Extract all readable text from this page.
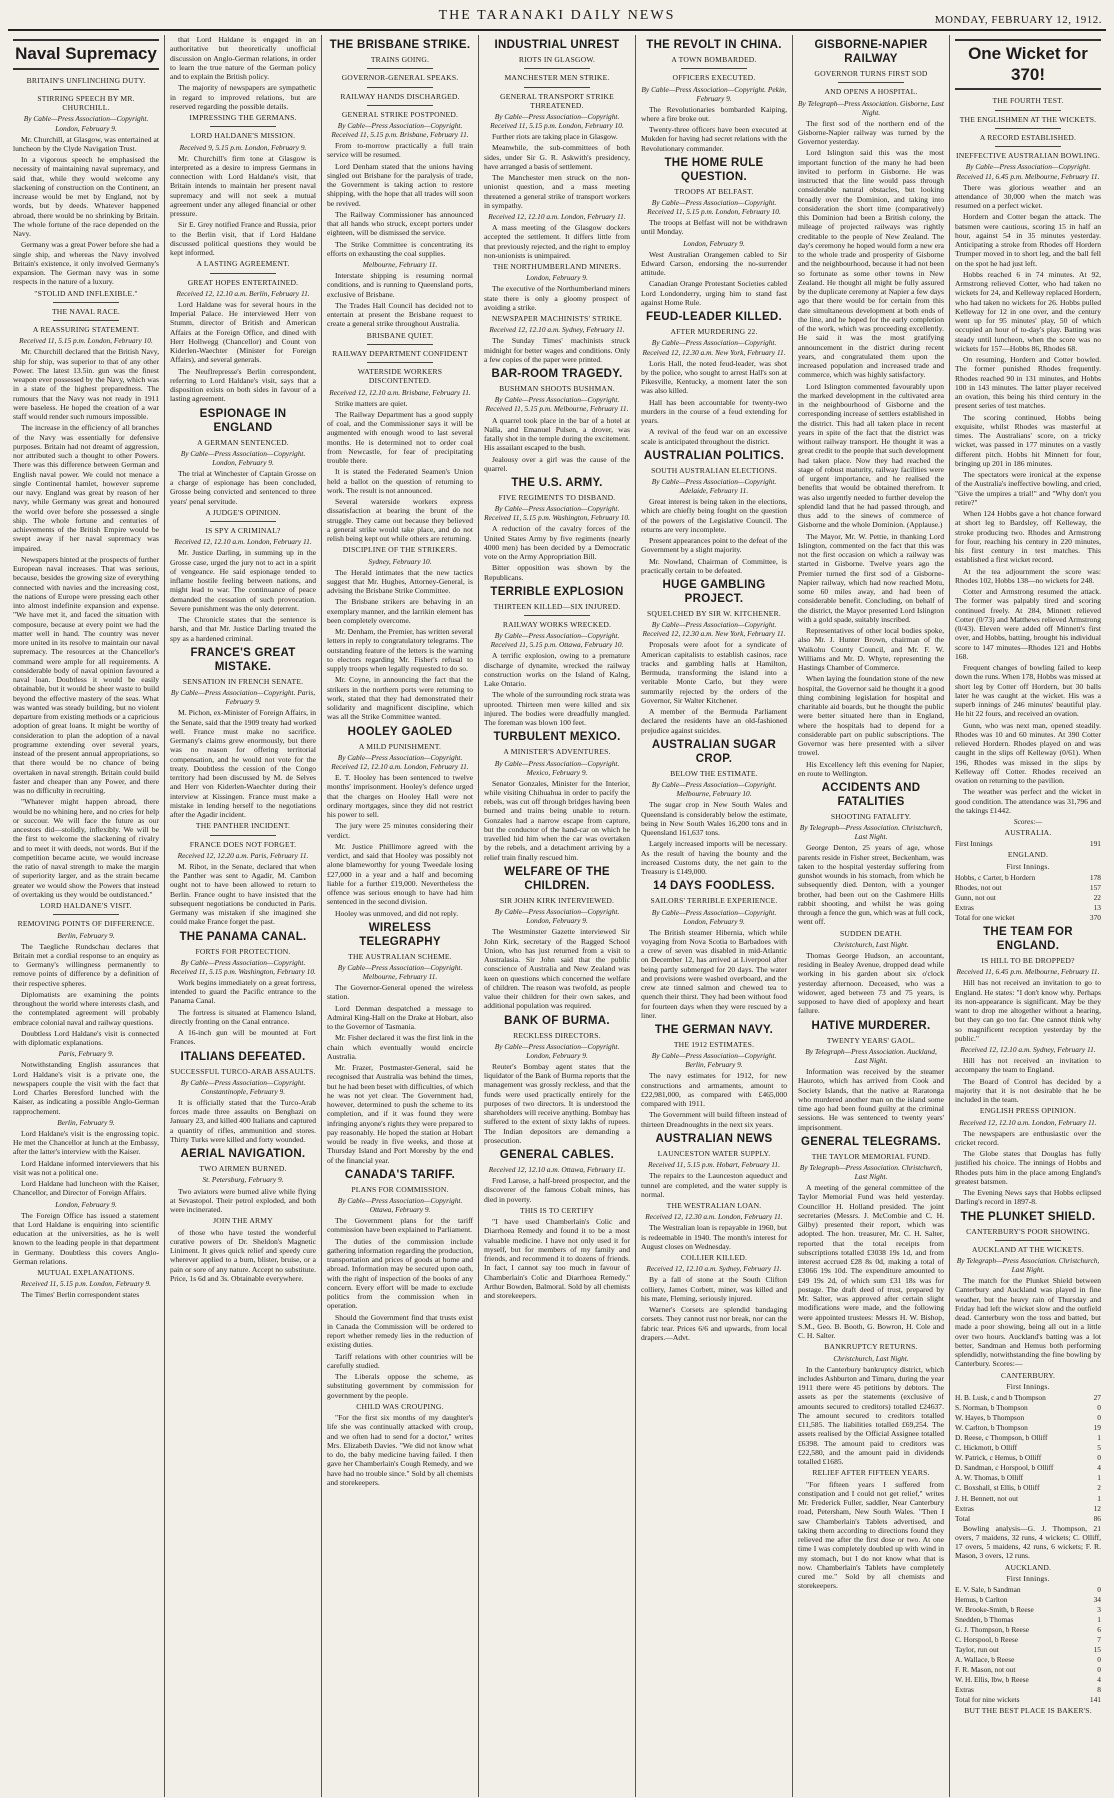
THE TARANAKI DAILY NEWS	MONDAY, FEBRUARY 12, 1912.
Naval Supremacy
BRITAIN'S UNFLINCHING DUTY.
STIRRING SPEECH BY MR. CHURCHILL.
By Cable—Press Association—Copyright. London, February 9.

Mr. Churchill, at Glasgow, was entertained at luncheon by the Clyde Navigation Trust.

In a vigorous speech he emphasised the necessity of maintaining naval supremacy, and said that, while they would welcome any slackening of construction on the Continent, an increase would be met by England, not by words, but by deeds. Whatever happened abroad, there would be no shrinking by Britain. The whole fortune of the race depended on the Navy.

Germany was a great Power before she had a single ship, and whereas the Navy involved Britain's existence, it only involved Germany's expansion. The German navy was in some respects in the nature of a luxury.

"STOLID AND INFLEXIBLE."
THE NAVAL RACE.
A REASSURING STATEMENT.
Received 11, 5.15 p.m. London, February 10.

Mr. Churchill declared that the British Navy, ship for ship, was superior to that of any other Power. The latest 13.5in. gun was the finest weapon ever possessed by the Navy, which was in a state of the highest preparedness. The rumours that the Navy was not ready in 1911 were baseless. He hoped the creation of a war staff would render such rumours impossible.

The increase in the efficiency of all branches of the Navy was essentially for defensive purposes. Britain had not dreamt of aggression, nor attributed such a thought to other Powers. There was this difference between German and English naval power. We could not menace a single Continental hamlet, however supreme our navy. England was great by reason of her navy, while Germany was great and honoured the world over before she possessed a single ship. The whole fortune and centuries of achievements of the British Empire would be swept away if her naval supremacy was impaired.

Newspapers hinted at the prospects of further European naval increases. That was serious, because, besides the growing size of everything connected with navies and the increasing cost, the nations of Europe were pressing each other into almost indefinite expansion and expense. "We have met it, and faced the situation with composure, because at every point we had the matter well in hand. The country was never more united in its resolve to maintain our naval supremacy. The resources at the Chancellor's command were ample for all requirements. A considerable body of naval opinion favoured a naval loan. Doubtless it would be easily obtainable, but it would be sheer waste to build beyond the effective mastery of the seas. What was wanted was steady building, but no violent departure from existing methods or a capricious adoption of great loans. It might be worthy of consideration to plan the adoption of a naval programme extending over several years, instead of the present annual appropriations, so that there would be no chance of being overtaken in naval strength. Britain could build faster and cheaper than any Power, and there was no difficulty in recruiting.

"Whatever might happen abroad, there would be no whining here, and no cries for help or succour. We will face the future as our ancestors did—stolidly, inflexibly. We will be the first to welcome the slackening of rivalry and to meet it with deeds, not words. But if the competition became acute, we would increase the ratio of naval strength to make the margin of superiority larger, and as the strain became greater we would show the Powers that instead of overtaking us they would be outdistanced."

LORD HALDANE'S VISIT.
REMOVING POINTS OF DIFFERENCE.
Berlin, February 9.

The Taegliche Rundschau declares that Britain met a cordial response to an enquiry as to Germany's willingness permanently to remove points of difference by a definition of their respective spheres.

Diplomatists are examining the points throughout the world where interests clash, and the contemplated agreement will probably embrace colonial naval and railway questions.

Doubtless Lord Haldane's visit is connected with diplomatic explanations.

Paris, February 9.

Notwithstanding English assurances that Lord Haldane's visit is a private one, the newspapers couple the visit with the fact that Lord Charles Beresford lunched with the Kaiser, as indicating a possible Anglo-German rapprochement.

Berlin, February 9.

Lord Haldane's visit is the engrossing topic. He met the Chancellor at lunch at the Embassy, after the latter's interview with the Kaiser.

Lord Haldane informed interviewers that his visit was not a political one.

Lord Haldane had luncheon with the Kaiser, Chancellor, and Director of Foreign Affairs.

London, February 9.

The Foreign Office has issued a statement that Lord Haldane is enquiring into scientific education at the universities, as he is well known to the leading people in that department in Germany. Doubtless this covers Anglo-German relations.

MUTUAL EXPLANATIONS.
Received 11, 5.15 p.m. London, February 9.

The Times' Berlin correspondent states

that Lord Haldane is engaged in an authoritative but theoretically unofficial discussion on Anglo-German relations, in order to learn the true nature of the German policy and to explain the British policy.

The majority of newspapers are sympathetic in regard to improved relations, but are reserved regarding the possible details.

IMPRESSING THE GERMANS.
LORD HALDANE'S MISSION.
Received 9, 5.15 p.m. London, February 9.

Mr. Churchill's firm tone at Glasgow is interpreted as a desire to impress Germans in connection with Lord Haldane's visit, that Britain intends to maintain her present naval supremacy and will not seek a mutual agreement under any alleged financial or other pressure.

Sir E. Grey notified France and Russia, prior to the Berlin visit, that if Lord Haldane discussed political questions they would be kept informed.

A LASTING AGREEMENT.
GREAT HOPES ENTERTAINED.
Received 12, 12.10 a.m. Berlin, February 11.

Lord Haldane was for several hours in the Imperial Palace. He interviewed Herr von Stumm, director of British and American Affairs at the Foreign Office, and dined with Herr Hollwegg (Chancellor) and Count von Kiderlen-Waechter (Minister for Foreign Affairs), and several generals.

The Neuflrepresse's Berlin correspondent, referring to Lord Haldane's visit, says that a disposition exists on both sides in favour of a lasting agreement.

ESPIONAGE IN ENGLAND
A GERMAN SENTENCED.
By Cable—Press Association—Copyright. London, February 9.

The trial at Winchester of Captain Grosse on a charge of espionage has been concluded, Grosse being convicted and sentenced to three years' penal servitude.

A JUDGE'S OPINION.
IS SPY A CRIMINAL?
Received 12, 12.10 a.m. London, February 11.

Mr. Justice Darling, in summing up in the Grosse case, urged the jury not to act in a spirit of vengeance. He said espionage tended to inflame hostile feeling between nations, and might lead to war. The continuance of peace demanded the cessation of such provocation. Severe punishment was the only deterrent.

The Chronicle states that the sentence is harsh, and that Mr. Justice Darling treated the spy as a hardened criminal.

FRANCE'S GREAT MISTAKE.
SENSATION IN FRENCH SENATE.
By Cable—Press Association—Copyright. Paris, February 9.

M. Pichon, ex-Minister of Foreign Affairs, in the Senate, said that the 1909 treaty had worked well. France must make no sacrifice. Germany's claims grew enormously, but there was no reason for offering territorial compensation, and he would not vote for the treaty. Doubtless the cession of the Congo territory had been discussed by M. de Selves and Herr von Kiderlen-Waechter during their interview at Kissingen. France must make a mistake in lending herself to the negotiations after the Agadir incident.

THE PANTHER INCIDENT.
FRANCE DOES NOT FORGET.
Received 12, 12.20 a.m. Paris, February 11.

M. Ribot, in the Senate, declared that when the Panther was sent to Agadir, M. Cambon ought not to have been allowed to return to Berlin. France ought to have insisted that the subsequent negotiations be conducted in Paris. Germany was mistaken if she imagined she could make France forget the past.

THE PANAMA CANAL.
FORTS FOR PROTECTION.
By Cable—Press Association—Copyright. Received 11, 5.15 p.m. Washington, February 10.

Work begins immediately on a great fortress, intended to guard the Pacific entrance to the Panama Canal.

The fortress is situated at Flamenco Island, directly fronting on the Canal entrance.

A 16-inch gun will be mounted at Fort Frances.

ITALIANS DEFEATED.
SUCCESSFUL TURCO-ARAB ASSAULTS.
By Cable—Press Association—Copyright. Constantinople, February 9.

It is officially stated that the Turco-Arab forces made three assaults on Benghazi on January 23, and killed 400 Italians and captured a quantity of rifles, ammunition and stores. Thirty Turks were killed and forty wounded.

AERIAL NAVIGATION.
TWO AIRMEN BURNED.
St. Petersburg, February 9.

Two aviators were burned alive while flying at Sevastopol. Their petrol exploded, and both were incinerated.

JOIN THE ARMY

of those who have tested the wonderful curative powers of Dr. Sheldon's Magnetic Liniment. It gives quick relief and speedy cure wherever applied to a burn, blister, bruise, or a pain or sore of any nature. Accept no substitute. Price, 1s 6d and 3s. Obtainable everywhere.

THE BRISBANE STRIKE.
TRAINS GOING.
GOVERNOR-GENERAL SPEAKS.
RAILWAY HANDS DISCHARGED.
GENERAL STRIKE POSTPONED.
By Cable—Press Association—Copyright. Received 11, 5.15 p.m. Brisbane, February 11.

From to-morrow practically a full train service will be resumed.

Lord Denham stated that the unions having singled out Brisbane for the paralysis of trade, the Government is taking action to restore shipping, with the hope that all trades will soon be revived.

The Railway Commissioner has announced that all hands who struck, except porters under eighteen, will be dismissed the service.

The Strike Committee is concentrating its efforts on exhausting the coal supplies.

Melbourne, February 11.

Interstate shipping is resuming normal conditions, and is running to Queensland ports, exclusive of Brisbane.

The Trades Hall Council has decided not to entertain at present the Brisbane request to create a general strike throughout Australia.

BRISBANE QUIET.
RAILWAY DEPARTMENT CONFIDENT
WATERSIDE WORKERS DISCONTENTED.
Received 12, 12.10 a.m. Brisbane, February 11.

Strike matters are quiet.

The Railway Department has a good supply of coal, and the Commissioner says it will be augmented with enough wood to last several months. He is determined not to order coal from Newcastle, for fear of precipitating trouble there.

It is stated the Federated Seamen's Union held a ballot on the question of returning to work. The result is not announced.

Several waterside workers express dissatisfaction at bearing the brunt of the struggle. They came out because they believed a general strike would take place, and do not relish being kept out while others are returning.

DISCIPLINE OF THE STRIKERS.
Sydney, February 10.

The Herald intimates that the new tactics suggest that Mr. Hughes, Attorney-General, is advising the Brisbane Strike Committee.

The Brisbane strikers are behaving in an exemplary manner, and the larrikin element has been completely overcome.

Mr. Denham, the Premier, has written several letters in reply to congratulatory telegrams. The outstanding feature of the letters is the warning to electors regarding Mr. Fisher's refusal to supply troops when legally requested to do so.

Mr. Coyne, in announcing the fact that the strikers in the northern ports were returning to work, stated that they had demonstrated their solidarity and magnificent discipline, which was all the Strike Committee wanted.

HOOLEY GAOLED
A MILD PUNISHMENT.
By Cable—Press Association—Copyright. Received 12, 12.10 a.m. London, February 11.

E. T. Hooley has been sentenced to twelve months' imprisonment. Hooley's defence urged that the charges on Hooley Hall were not ordinary mortgages, since they did not restrict his power to sell.

The jury were 25 minutes considering their verdict.

Mr. Justice Phillimore agreed with the verdict, and said that Hooley was possibly not alone blameworthy for young Tweedale losing £27,000 in a year and a half and becoming liable for a further £19,000. Nevertheless the offence was serious enough to have had him sentenced in the second division.

Hooley was unmoved, and did not reply.

WIRELESS TELEGRAPHY
THE AUSTRALIAN SCHEME.
By Cable—Press Association—Copyright. Melbourne, February 11.

The Governor-General opened the wireless station.

Lord Denman despatched a message to Admiral King-Hall on the Drake at Hobart, also to the Governor of Tasmania.

Mr. Fisher declared it was the first link in the chain which eventually would encircle Australia.

Mr. Frazer, Postmaster-General, said he recognised that Australia was behind the times, but he had been beset with difficulties, of which he was not yet clear. The Government had, however, determined to push the scheme to its completion, and if it was found they were infringing anyone's rights they were prepared to pay reasonably. He hoped the station at Hobart would be ready in five weeks, and those at Thursday Island and Port Moresby by the end of the financial year.

CANADA'S TARIFF.
PLANS FOR COMMISSION.
By Cable—Press Association—Copyright. Ottawa, February 9.

The Government plans for the tariff commission have been explained to Parliament.

The duties of the commission include gathering information regarding the production, transportation and prices of goods at home and abroad. Information may be secured upon oath, with the right of inspection of the books of any concern. Every effort will be made to exclude politics from the commission when in operation.

Should the Government find that trusts exist in Canada the Commission will be ordered to report whether remedy lies in the reduction of existing duties.

Tariff relations with other countries will be carefully studied.

The Liberals oppose the scheme, as substituting government by commission for government by the people.

CHILD WAS CROUPING.

"For the first six months of my daughter's life she was continually attacked with croup, and we often had to send for a doctor," writes Mrs. Elizabeth Davies. "We did not know what to do, the baby medicine having failed. I then gave her Chamberlain's Cough Remedy, and we have had no trouble since." Sold by all chemists and storekeepers.

INDUSTRIAL UNREST
RIOTS IN GLASGOW.
MANCHESTER MEN STRIKE.
GENERAL TRANSPORT STRIKE THREATENED.
By Cable—Press Association—Copyright. Received 11, 5.15 p.m. London, February 10.

Further riots are taking place in Glasgow.

Meanwhile, the sub-committees of both sides, under Sir G. R. Askwith's presidency, have arranged a basis of settlement.

The Manchester men struck on the non-unionist question, and a mass meeting threatened a general strike of transport workers in sympathy.

Received 12, 12.10 a.m. London, February 11.

A mass meeting of the Glasgow dockers accepted the settlement. It differs little from that previously rejected, and the right to employ non-unionists is unimpaired.

THE NORTHUMBERLAND MINERS.
London, February 9.

The executive of the Northumberland miners state there is only a gloomy prospect of avoiding a strike.

NEWSPAPER MACHINISTS' STRIKE.
Received 12, 12.10 a.m. Sydney, February 11.

The Sunday Times' machinists struck midnight for better wages and conditions. Only a few copies of the paper were printed.

BAR-ROOM TRAGEDY.
BUSHMAN SHOOTS BUSHMAN.
By Cable—Press Association—Copyright. Received 11, 5.15 p.m. Melbourne, February 11.

A quarrel took place in the bar of a hotel at Nalla, and Emanuel Pulsen, a drover, was fatally shot in the temple during the excitement. His assailant escaped to the bush.

Jealousy over a girl was the cause of the quarrel.

THE U.S. ARMY.
FIVE REGIMENTS TO DISBAND.
By Cable—Press Association—Copyright. Received 11, 5.15 p.m. Washington, February 10.

A reduction of the cavalry forces of the United States Army by five regiments (nearly 4000 men) has been decided by a Democratic vote on the Army Appropriation Bill.

Bitter opposition was shown by the Republicans.

TERRIBLE EXPLOSION
THIRTEEN KILLED—SIX INJURED.
RAILWAY WORKS WRECKED.
By Cable—Press Association—Copyright. Received 11, 5.15 p.m. Ottawa, February 10.

A terrific explosion, owing to a premature discharge of dynamite, wrecked the railway construction works on the Island of Kalng, Lake Ontario.

The whole of the surrounding rock strata was uprooted. Thirteen men were killed and six injured. The bodies were dreadfully mangled. The foreman was blown 100 feet.

TURBULENT MEXICO.
A MINISTER'S ADVENTURES.
By Cable—Press Association—Copyright. Mexico, February 9.

Senator Gonzales, Minister for the Interior, while visiting Chihuahua in order to pacify the rebels, was cut off through bridges having been burned and trains being unable to return. Gonzales had a narrow escape from capture, but the conductor of the hand-car on which he travelled hid him when the car was overtaken by the rebels, and a detachment arriving by a relief train finally rescued him.

WELFARE OF THE CHILDREN.
SIR JOHN KIRK INTERVIEWED.
By Cable—Press Association—Copyright. London, February 9.

The Westminster Gazette interviewed Sir John Kirk, secretary of the Ragged School Union, who has just returned from a visit to Australasia. Sir John said that the public conscience of Australia and New Zealand was keen on questions which concerned the welfare of children. The reason was twofold, as people value their children for their own sakes, and additional population was required.

BANK OF BURMA.
RECKLESS DIRECTORS.
By Cable—Press Association—Copyright. London, February 9.

Reuter's Bombay agent states that the liquidator of the Bank of Burma reports that the management was grossly reckless, and that the funds were used practically entirely for the purposes of two directors. It is understood the shareholders will receive anything. Bombay has suffered to the extent of sixty lakhs of rupees. The Indian depositors are demanding a prosecution.

GENERAL CABLES.
Received 12, 12.10 a.m. Ottawa, February 11.

Fred Larose, a half-breed prospector, and the discoverer of the famous Cobalt mines, has died in poverty.

THIS IS TO CERTIFY

"I have used Chamberlain's Colic and Diarrhoea Remedy and found it to be a most valuable medicine. I have not only used it for myself, but for members of my family and friends, and recommend it to dozens of friends. In fact, I cannot say too much in favour of Chamberlain's Colic and Diarrhoea Remedy." Arthur Bowden, Balmoral. Sold by all chemists and storekeepers.

THE REVOLT IN CHINA.
A TOWN BOMBARDED.
OFFICERS EXECUTED.
By Cable—Press Association—Copyright. Pekin, February 9.

The Revolutionaries bombarded Kaiping, where a fire broke out.

Twenty-three officers have been executed at Mukden for having had secret relations with the Revolutionary commander.

THE HOME RULE QUESTION.
TROOPS AT BELFAST.
By Cable—Press Association—Copyright. Received 11, 5.15 p.m. London, February 10.

The troops at Belfast will not be withdrawn until Monday.

London, February 9.

West Australian Orangemen cabled to Sir Edward Carson, endorsing the no-surrender attitude.

Canadian Orange Protestant Societies cabled Lord Londonderry, urging him to stand fast against Home Rule.

FEUD-LEADER KILLED.
AFTER MURDERING 22.
By Cable—Press Association—Copyright. Received 12, 12.30 a.m. New York, February 11.

Loris Hall, the noted feud-leader, was shot by the police, who sought to arrest Hall's son at Pikesville, Kentucky, a moment later the son was also killed.

Hall has been accountable for twenty-two murders in the course of a feud extending for years.

A revival of the feud war on an excessive scale is anticipated throughout the district.

AUSTRALIAN POLITICS.
SOUTH AUSTRALIAN ELECTIONS.
By Cable—Press Association—Copyright. Adelaide, February 11.

Great interest is being taken in the elections, which are chiefly being fought on the question of the powers of the Legislative Council. The returns are very incomplete.

Present appearances point to the defeat of the Government by a slight majority.

Mr. Nowland, Chairman of Committee, is practically certain to be defeated.

HUGE GAMBLING PROJECT.
SQUELCHED BY SIR W. KITCHENER.
By Cable—Press Association—Copyright. Received 12, 12.30 a.m. New York, February 11.

Proposals were afoot for a syndicate of American capitalists to establish casinos, race tracks and gambling halls at Hamilton, Bermuda, transforming the island into a veritable Monte Carlo, but they were summarily rejected by the orders of the Governor, Sir Walter Kitchener.

A member of the Bermuda Parliament declared the residents have an old-fashioned prejudice against suicides.

AUSTRALIAN SUGAR CROP.
BELOW THE ESTIMATE.
By Cable—Press Association—Copyright. Melbourne, February 10.

The sugar crop in New South Wales and Queensland is considerably below the estimate, being in New South Wales 16,200 tons and in Queensland 161,637 tons.

Largely increased imports will be necessary. As the result of having the bounty and the increased Customs duty, the net gain to the Treasury is £149,000.

14 DAYS FOODLESS.
SAILORS' TERRIBLE EXPERIENCE.
By Cable—Press Association—Copyright. London, February 9.

The British steamer Hibernia, which while voyaging from Nova Scotia to Barbadoes with a crew of seven was disabled in mid-Atlantic on December 12, has arrived at Liverpool after being partly submerged for 20 days. The water and provisions were washed overboard, and the crew ate tinned salmon and chewed tea to quench their thirst. They had been without food for fourteen days when they were rescued by a liner.

THE GERMAN NAVY.
THE 1912 ESTIMATES.
By Cable—Press Association—Copyright. Berlin, February 9.

The navy estimates for 1912, for new constructions and armaments, amount to £22,981,000, as compared with £465,000 compared with 1911.

The Government will build fifteen instead of thirteen Dreadnoughts in the next six years.

AUSTRALIAN NEWS
LAUNCESTON WATER SUPPLY.
Received 11, 5.15 p.m. Hobart, February 11.

The repairs to the Launceston aqueduct and tunnel are completed, and the water supply is normal.

THE WESTRALIAN LOAN.
Received 12, 12.30 a.m. London, February 11.

The Westralian loan is repayable in 1960, but is redeemable in 1940. The month's interest for August closes on Wednesday.

COLLIER KILLED.
Received 12, 12.10 a.m. Sydney, February 11.

By a fall of stone at the South Clifton colliery, James Corbett, miner, was killed and his mate, Fleming, seriously injured.

Warner's Corsets are splendid bandaging corsets. They cannot rust nor break, nor can the fabric tear. Prices 6/6 and upwards, from local drapers.—Advt.

GISBORNE-NAPIER RAILWAY
GOVERNOR TURNS FIRST SOD
AND OPENS A HOSPITAL.
By Telegraph—Press Association. Gisborne, Last Night.

The first sod of the northern end of the Gisborne-Napier railway was turned by the Governor yesterday.

Lord Islington said this was the most important function of the many he had been invited to perform in Gisborne. He was instructed that the line would pass through considerable natural obstacles, but looking broadly over the Dominion, and taking into consideration the short time (comparatively) this Dominion had been a British colony, the mileage of projected railways was rightly creditable to the people of New Zealand. The day's ceremony he hoped would form a new era to the whole trade and prosperity of Gisborne and the neighbourhood, because it had not been so fortunate as some other towns in New Zealand. He thought all might be fully assured by the duplicate ceremony at Napier a few days ago that there would be for certain from this date simultaneous development at both ends of the line, and he hoped for the early completion of the work, which was proceeding excellently. He said it was the most gratifying announcement in the district during recent years, and congratulated them upon the increased population and increased trade and commerce, which was highly satisfactory.

Lord Islington commented favourably upon the marked development in the cultivated area in the neighbourhood of Gisborne and the corresponding increase of settlers established in the district. This had all taken place in recent years in spite of the fact that the district was without railway transport. He thought it was a great credit to the people that such development had taken place. Now they had reached the stage of robust maturity, railway facilities were of urgent importance, and he realised the benefits that would be obtained therefrom. It was also urgently needed to further develop the splendid land that he had passed through, and thus add to the sinews of commerce of Gisborne and the whole Dominion. (Applause.)

The Mayor, Mr. W. Pettie, in thanking Lord Islington, commented on the fact that this was not the first occasion on which a railway was started in Gisborne. Twelve years ago the Premier turned the first sod of a Gisborne-Napier railway, which had now reached Motu, some 60 miles away, and had been of considerable benefit. Concluding, on behalf of the district, the Mayor presented Lord Islington with a gold spade, suitably inscribed.

Representatives of other local bodies spoke, also Mr. J. Hunter Brown, chairman of the Waikohu County Council, and Mr. F. W. Williams and Mr. D. Whyte, representing the Hastings Chamber of Commerce.

When laying the foundation stone of the new hospital, the Governor said he thought it a good thing combining legislation for hospital and charitable aid boards, but he thought the public were better situated here than in England, where the hospitals had to depend for a considerable part on public subscriptions. The Governor was here presented with a silver trowel.

His Excellency left this evening for Napier, en route to Wellington.

ACCIDENTS AND FATALITIES
SHOOTING FATALITY.
By Telegraph—Press Association. Christchurch, Last Night.

George Denton, 25 years of age, whose parents reside in Fisher street, Beckenham, was taken to the hospital yesterday suffering from gunshot wounds in his stomach, from which he subsequently died. Denton, with a younger brother, had been out on the Cashmere Hills rabbit shooting, and whilst he was going through a fence the gun, which was at full cock, went off.

SUDDEN DEATH.
Christchurch, Last Night.

Thomas George Hudson, an accountant, residing in Bealey Avenue, dropped dead while working in his garden about six o'clock yesterday afternoon. Deceased, who was a widower, aged between 73 and 75 years, is supposed to have died of apoplexy and heart failure.

HATIVE MURDERER.
TWENTY YEARS' GAOL.
By Telegraph—Press Association. Auckland, Last Night.

Information was received by the steamer Hauroto, which has arrived from Cook and Society Islands, that the native at Raratonga who murdered another man on the island some time ago had been found guilty at the criminal sessions. He was sentenced to twenty years' imprisonment.

GENERAL TELEGRAMS.
THE TAYLOR MEMORIAL FUND.
By Telegraph—Press Association. Christchurch, Last Night.

A meeting of the general committee of the Taylor Memorial Fund was held yesterday. Councillor H. Holland presided. The joint secretaries (Messrs. J. McCombie and C. H. Gilby) presented their report, which was adopted. The hon. treasurer, Mr. C. H. Salter, reported that the total receipts from subscriptions totalled £3038 19s 1d, and from interest accrued £28 8s 0d, making a total of £3066 19s 10d. The expenditure amounted to £49 19s 2d, of which sum £31 18s was for postage. The draft deed of trust, prepared by Mr. Salter, was approved after certain slight modifications were made, and the following were appointed trustees: Messrs H. W. Bishop, S.M., Geo. B. Booth, G. Bowron, H. Cole and C. H. Salter.

BANKRUPTCY RETURNS.
Christchurch, Last Night.

In the Canterbury bankruptcy district, which includes Ashburton and Timaru, during the year 1911 there were 45 petitions by debtors. The assets as per the statements (exclusive of amounts secured to creditors) totalled £24637. The amount secured to creditors totalled £11,585. The liabilities totalled £69,254. The assets realised by the Official Assignee totalled £6398. The amount paid to creditors was £22,580, and the amount paid in dividends totalled £1685.

RELIEF AFTER FIFTEEN YEARS.

"For fifteen years I suffered from constipation and I could not get relief," writes Mr. Frederick Fuller, saddler, Near Canterbury road, Petersham, New South Wales. "Then I saw Chamberlain's Tablets advertised, and taking them according to directions found they relieved me after the first dose or two. At one time I was completely doubled up with wind in my stomach, but I do not know what that is now. Chamberlain's Tablets have completely cured me." Sold by all chemists and storekeepers.

One Wicket for 370!
THE FOURTH TEST.
THE ENGLISHMEN AT THE WICKETS.
A RECORD ESTABLISHED.
INEFFECTIVE AUSTRALIAN BOWLING.
By Cable—Press Association—Copyright. Received 11, 6.45 p.m. Melbourne, February 11.

There was glorious weather and an attendance of 30,000 when the match was resumed on a perfect wicket.

Hordern and Cotter began the attack. The batsmen were cautious, scoring 15 in half an hour, against 54 in 35 minutes yesterday. Anticipating a stroke from Rhodes off Hordern Trumper moved in to short leg, and the ball fell on the spot he had just left.

Hobbs reached 6 in 74 minutes. At 92, Armstrong relieved Cotter, who had taken no wickets for 24, and Kelleway replaced Hordern, who had taken no wickets for 26. Hobbs pulled Kelleway for 12 in one over, and the century went up for 95 minutes' play, 50 of which occupied an hour of to-day's play. Batting was steady until luncheon, when the score was no wickets for 157—Hobbs 86, Rhodes 68.

On resuming, Hordern and Cotter bowled. The former punished Rhodes frequently. Rhodes reached 90 in 131 minutes, and Hobbs 100 in 143 minutes. The latter player received an ovation, this being his third century in the present series of test matches.

The scoring continued, Hobbs being exquisite, whilst Rhodes was masterful at times. The Australians' score, on a tricky wicket, was passed in 177 minutes on a vastly different pitch. Hobbs hit Minnett for four, bringing up 201 in 186 minutes.

The spectators were ironical at the expense of the Australia's ineffective bowling, and cried, "Give the umpires a trial!" and "Why don't you retire?"

When 124 Hobbs gave a hot chance forward at short leg to Bardsley, off Kelleway, the stroke producing two. Rhodes and Armstrong for four, reaching his century in 220 minutes, his first century in test matches. This established a first wicket record.

At the tea adjournment the score was: Rhodes 102, Hobbs 138—no wickets for 248.

Cotter and Armstrong resumed the attack. The former was palpably tired and scoring continued freely. At 284, Minnett relieved Cotter (0/73) and Matthews relieved Armstrong (0/43). Eleven were added off Minnett's first over, and Hobbs, batting, brought his individual score to 147 minutes—Rhodes 121 and Hobbs 168.

Frequent changes of bowling failed to keep down the runs. When 178, Hobbs was missed at short leg by Cotter off Hordern, but 30 balls later he was caught at the wicket. His was a superb innings of 246 minutes' beautiful play. He hit 22 fours, and received an ovation.

Gunn, who was next man, opened steadily. Rhodes was 10 and 60 minutes. At 390 Cotter relieved Hordern. Rhodes played on and was caught in the slips off Kelleway (0/61). When 196, Rhodes was missed in the slips by Kelleway off Cotter. Rhodes received an ovation on returning to the pavilion.

The weather was perfect and the wicket in good condition. The attendance was 31,796 and the takings £1442.

Scores:—
AUSTRALIA.
First Innings	191
ENGLAND.
First Innings.
Hobbs, c Carter, b Hordern	178
Rhodes, not out	157
Gunn, not out	22
Extras	13
Total for one wicket	370
THE TEAM FOR ENGLAND.
IS HILL TO BE DROPPED?
Received 11, 6.45 p.m. Melbourne, February 11.

Hill has not received an invitation to go to England. He states: "I don't know why. Perhaps its non-appearance is significant. May be they want to drop me altogether without a hearing, but they can go too far. One cannot think why so magnificent reception yesterday by the public."

Received 12, 12.10 a.m. Sydney, February 11.

Hill has not received an invitation to accompany the team to England.

The Board of Control has decided by a majority that it is not desirable that he be included in the team.

ENGLISH PRESS OPINION.
Received 12, 12.10 a.m. London, February 11.

The newspapers are enthusiastic over the cricket record.

The Globe states that Douglas has fully justified his choice. The innings of Hobbs and Rhodes puts him in the place among England's greatest batsmen.

The Evening News says that Hobbs eclipsed Darling's record in 1897-8.

THE PLUNKET SHIELD.
CANTERBURY'S POOR SHOWING.
AUCKLAND AT THE WICKETS.
By Telegraph—Press Association. Christchurch, Last Night.

The match for the Plunket Shield between Canterbury and Auckland was played in fine weather, but the heavy rain of Thursday and Friday had left the wicket slow and the outfield dead. Canterbury won the toss and batted, but made a poor showing, being all out in a little over two hours. Auckland's batting was a lot better, Sandman and Hemus both performing splendidly, notwithstanding the fine bowling by Canterbury. Scores:—

CANTERBURY.
First Innings.
H. B. Lusk, c and b Thompson	27
S. Norman, b Thompson	0
W. Hayes, b Thompson	0
W. Carlton, b Thompson	19
D. Reese, c Thompson, b Olliff	1
C. Hickmott, b Olliff	5
W. Patrick, c Hemus, b Olliff	0
D. Sandman, c Horspool, b Olliff	4
A. W. Thomas, b Olliff	1
C. Boxshall, st Ellis, b Olliff	2
J. H. Bennett, not out	1
Extras	12
Total	86

Bowling analysis—G. J. Thompson, 21 overs, 7 maidens, 32 runs, 4 wickets; C. Olliff, 17 overs, 5 maidens, 42 runs, 6 wickets; F. R. Mason, 3 overs, 12 runs.

AUCKLAND.
First Innings.
E. V. Sale, b Sandman	0
Hemus, b Carlton	34
W. Brooke-Smith, b Reese	3
Snedden, b Thomas	1
G. J. Thompson, b Reese	6
C. Horspool, b Reese	7
Taylor, run out	15
A. Wallace, b Reese	0
F. R. Mason, not out	0
W. H. Ellis, lbw, b Reese	4
Extras	8
Total for nine wickets	141
BUT THE BEST PLACE IS BAKER'S.
